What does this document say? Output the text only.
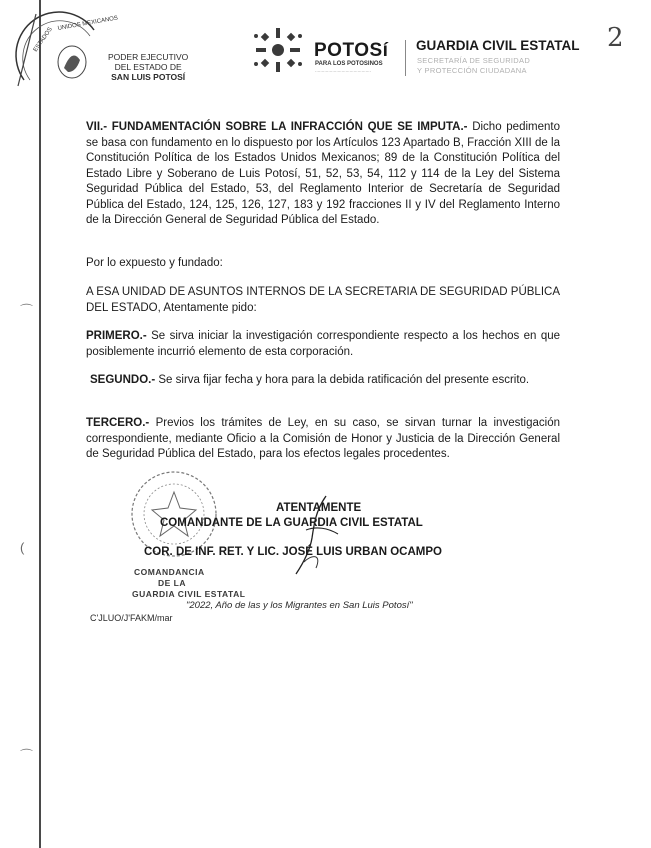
⌒
(
⌒
ESTADOS
UNIDOS MEXICANOS
PODER EJECUTIVO
DEL ESTADO DE
SAN LUIS POTOSÍ
POTOSí
PARA LOS POTOSINOS
··········································
GUARDIA CIVIL ESTATAL
SECRETARÍA DE SEGURIDAD
Y PROTECCIÓN CIUDADANA
2
VII.- FUNDAMENTACIÓN SOBRE LA INFRACCIÓN QUE SE IMPUTA.- Dicho pedimento se basa con fundamento en lo dispuesto por los Artículos 123 Apartado B, Fracción XIII de la Constitución Política de los Estados Unidos Mexicanos; 89 de la Constitución Política del Estado Libre y Soberano de Luis Potosí, 51, 52, 53, 54, 112 y 114 de la Ley del Sistema Seguridad Pública del Estado, 53, del Reglamento Interior de Secretaría de Seguridad Pública del Estado, 124, 125, 126, 127, 183 y 192 fracciones II y IV del Reglamento Interno de la Dirección General de Seguridad Pública del Estado.
Por lo expuesto y fundado:
A ESA UNIDAD DE ASUNTOS INTERNOS DE LA SECRETARIA DE SEGURIDAD PÚBLICA DEL ESTADO, Atentamente pido:
PRIMERO.- Se sirva iniciar la investigación correspondiente respecto a los hechos en que posiblemente incurrió elemento de esta corporación.
SEGUNDO.- Se sirva fijar fecha y hora para la debida ratificación del presente escrito.
TERCERO.- Previos los trámites de Ley, en su caso, se sirvan turnar la investigación correspondiente, mediante Oficio a la Comisión de Honor y Justicia de la Dirección General de Seguridad Pública del Estado, para los efectos legales procedentes.
ATENTAMENTE
COMANDANTE DE LA GUARDIA CIVIL ESTATAL
COR. DE INF. RET. Y LIC. JOSÉ LUIS URBAN OCAMPO
COMANDANCIA
DE LA
GUARDIA CIVIL ESTATAL
"2022, Año de las y los Migrantes en San Luis Potosí"
C'JLUO/J'FAKM/mar
